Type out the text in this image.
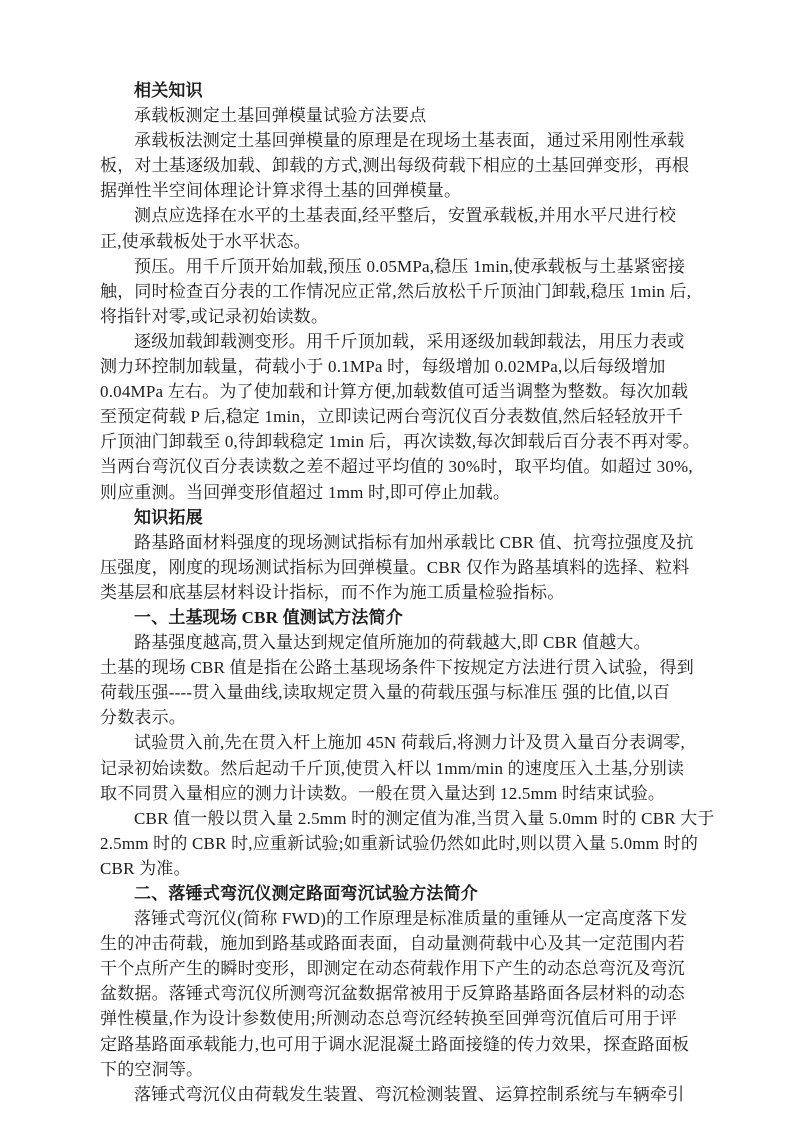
相关知识
承载板测定土基回弹模量试验方法要点
承载板法测定土基回弹模量的原理是在现场土基表面，通过采用刚性承载
板，对土基逐级加载、卸载的方式,测出每级荷载下相应的土基回弹变形，再根
据弹性半空间体理论计算求得土基的回弹模量。
测点应选择在水平的土基表面,经平整后，安置承载板,并用水平尺进行校
正,使承载板处于水平状态。
预压。用千斤顶开始加载,预压 0.05MPa,稳压 1min,使承载板与土基紧密接
触，同时检查百分表的工作情况应正常,然后放松千斤顶油门卸载,稳压 1min 后,
将指针对零,或记录初始读数。
逐级加载卸载测变形。用千斤顶加载，采用逐级加载卸载法，用压力表或
测力环控制加载量，荷载小于 0.1MPa 时，每级增加 0.02MPa,以后每级增加
0.04MPa 左右。为了使加载和计算方便,加载数值可适当调整为整数。每次加载
至预定荷载 P 后,稳定 1min，立即读记两台弯沉仪百分表数值,然后轻轻放开千
斤顶油门卸载至 0,待卸载稳定 1min 后，再次读数,每次卸载后百分表不再对零。
当两台弯沉仪百分表读数之差不超过平均值的 30%时，取平均值。如超过 30%,
则应重测。当回弹变形值超过 1mm 时,即可停止加载。
知识拓展
路基路面材料强度的现场测试指标有加州承载比 CBR 值、抗弯拉强度及抗
压强度，刚度的现场测试指标为回弹模量。CBR 仅作为路基填料的选择、粒料
类基层和底基层材料设计指标，而不作为施工质量检验指标。
一、土基现场 CBR 值测试方法简介
路基强度越高,贯入量达到规定值所施加的荷载越大,即 CBR 值越大。
土基的现场 CBR 值是指在公路土基现场条件下按规定方法进行贯入试验，得到
荷载压强----贯入量曲线,读取规定贯入量的荷载压强与标准压 强的比值,以百
分数表示。
试验贯入前,先在贯入杆上施加 45N 荷载后,将测力计及贯入量百分表调零,
记录初始读数。然后起动千斤顶,使贯入杆以 1mm/min 的速度压入土基,分别读
取不同贯入量相应的测力计读数。一般在贯入量达到 12.5mm 时结束试验。
CBR 值一般以贯入量 2.5mm 时的测定值为准,当贯入量 5.0mm 时的 CBR 大于
2.5mm 时的 CBR 时,应重新试验;如重新试验仍然如此时,则以贯入量 5.0mm 时的
CBR 为准。
二、落锤式弯沉仪测定路面弯沉试验方法简介
落锤式弯沉仪(简称 FWD)的工作原理是标准质量的重锤从一定高度落下发
生的冲击荷载，施加到路基或路面表面，自动量测荷载中心及其一定范围内若
干个点所产生的瞬时变形，即测定在动态荷载作用下产生的动态总弯沉及弯沉
盆数据。落锤式弯沉仪所测弯沉盆数据常被用于反算路基路面各层材料的动态
弹性模量,作为设计参数使用;所测动态总弯沉经转换至回弹弯沉值后可用于评
定路基路面承载能力,也可用于调水泥混凝土路面接缝的传力效果，探查路面板
下的空洞等。
落锤式弯沉仪由荷载发生装置、弯沉检测装置、运算控制系统与车辆牵引
